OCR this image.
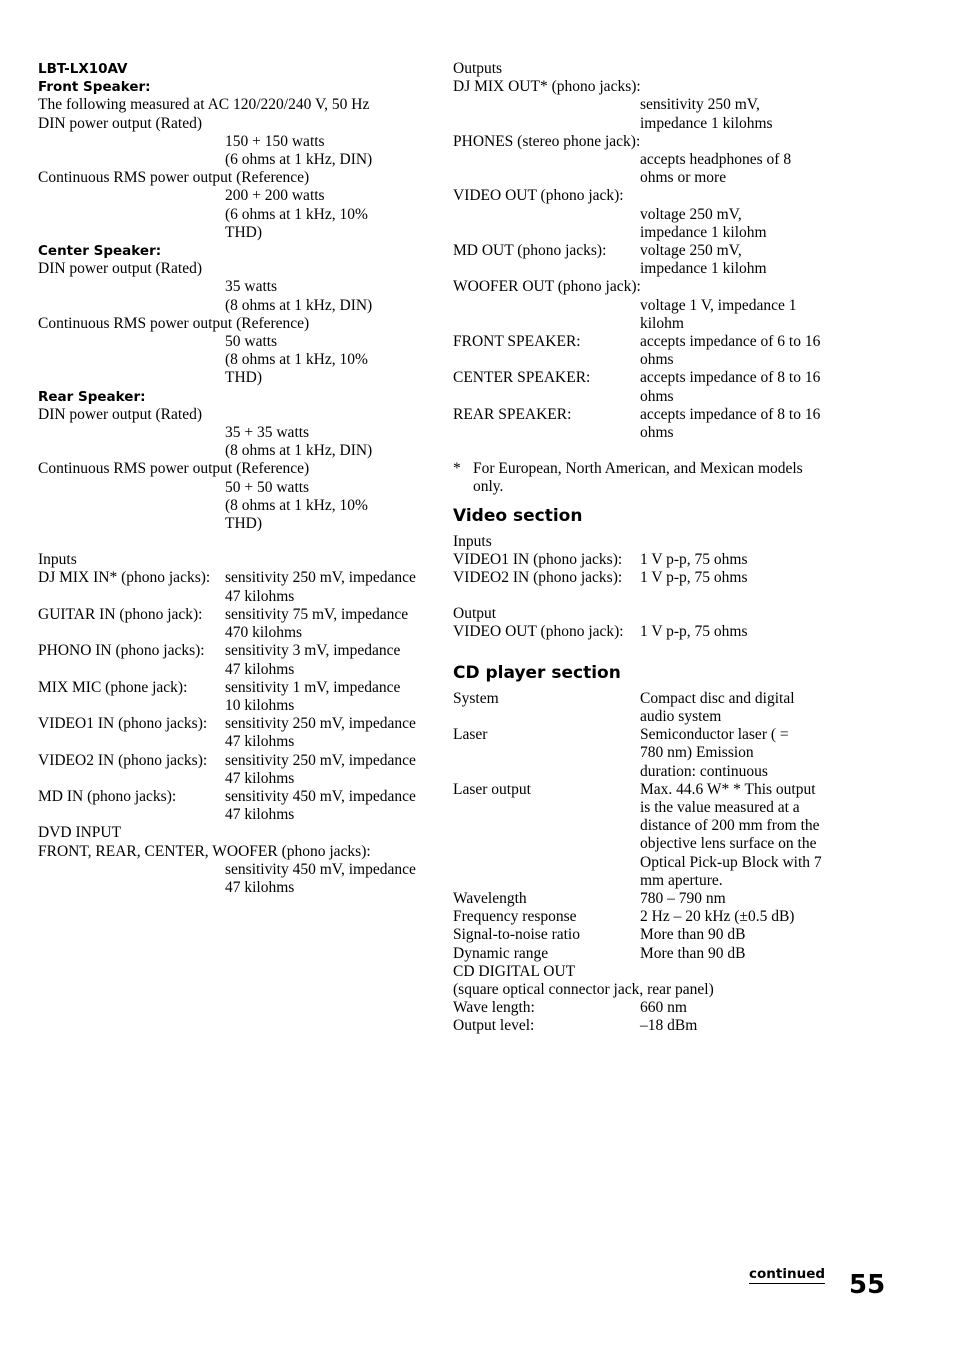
LBT-LX10AV
Front Speaker:
The following measured at AC 120/220/240 V, 50 Hz
DIN power output (Rated)
150 + 150 watts
(6 ohms at 1 kHz, DIN)
Continuous RMS power output (Reference)
200 + 200 watts
(6 ohms at 1 kHz, 10% THD)
Center Speaker:
DIN power output (Rated)
35 watts
(8 ohms at 1 kHz, DIN)
Continuous RMS power output (Reference)
50 watts
(8 ohms at 1 kHz, 10% THD)
Rear Speaker:
DIN power output (Rated)
35 + 35 watts
(8 ohms at 1 kHz, DIN)
Continuous RMS power output (Reference)
50 + 50 watts
(8 ohms at 1 kHz, 10% THD)
Inputs
DJ MIX IN* (phono jacks): sensitivity 250 mV, impedance 47 kilohms
GUITAR IN (phono jack):	sensitivity 75 mV, impedance 470 kilohms
PHONO IN (phono jacks):	sensitivity 3 mV, impedance 47 kilohms
MIX MIC (phone jack):	sensitivity 1 mV, impedance 10 kilohms
VIDEO1 IN (phono jacks):	sensitivity 250 mV, impedance 47 kilohms
VIDEO2 IN (phono jacks):	sensitivity 250 mV, impedance 47 kilohms
MD IN (phono jacks):	sensitivity 450 mV, impedance 47 kilohms
DVD INPUT
FRONT, REAR, CENTER, WOOFER (phono jacks):
sensitivity 450 mV, impedance 47 kilohms
Outputs
DJ MIX OUT* (phono jacks):
sensitivity 250 mV, impedance 1 kilohms
PHONES (stereo phone jack):
accepts headphones of 8 ohms or more
VIDEO OUT (phono jack):
voltage 250 mV, impedance 1 kilohm
MD OUT (phono jacks):	voltage 250 mV, impedance 1 kilohm
WOOFER OUT (phono jack):
voltage 1 V, impedance 1 kilohm
FRONT SPEAKER:	accepts impedance of 6 to 16 ohms
CENTER SPEAKER:	accepts impedance of 8 to 16 ohms
REAR SPEAKER:	accepts impedance of 8 to 16 ohms
* For European, North American, and Mexican models only.
Video section
Inputs
VIDEO1 IN (phono jacks):	1 V p-p, 75 ohms
VIDEO2 IN (phono jacks):	1 V p-p, 75 ohms
Output
VIDEO OUT (phono jack):	1 V p-p, 75 ohms
CD player section
System	Compact disc and digital audio system
Laser	Semiconductor laser ( = 780 nm) Emission duration: continuous
Laser output	Max. 44.6 W* * This output is the value measured at a distance of 200 mm from the objective lens surface on the Optical Pick-up Block with 7 mm aperture.
Wavelength	780 – 790 nm
Frequency response	2 Hz – 20 kHz (±0.5 dB)
Signal-to-noise ratio	More than 90 dB
Dynamic range	More than 90 dB
CD DIGITAL OUT
(square optical connector jack, rear panel)
Wave length:	660 nm
Output level:	–18 dBm
continued 55
